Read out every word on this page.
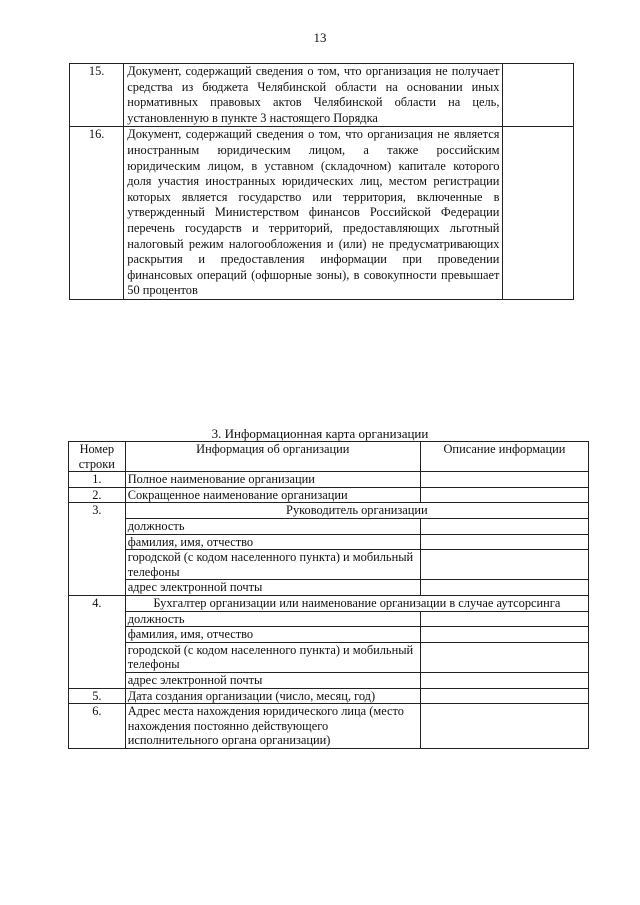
13
15.	Документ, содержащий сведения о том, что организация не получает средства из бюджета Челябинской области на основании иных нормативных правовых актов Челябинской области на цель, установленную в пункте 3 настоящего Порядка	
16.	Документ, содержащий сведения о том, что организация не является иностранным юридическим лицом, а также российским юридическим лицом, в уставном (складочном) капитале которого доля участия иностранных юридических лиц, местом регистрации которых является государство или территория, включенные в утвержденный Министерством финансов Российской Федерации перечень государств и территорий, предоставляющих льготный налоговый режим налогообложения и (или) не предусматривающих раскрытия и предоставления информации при проведении финансовых операций (офшорные зоны), в совокупности превышает 50 процентов	
3. Информационная карта организации
Номер строки	Информация об организации	Описание информации
1.	Полное наименование организации	
2.	Сокращенное наименование организации	
3.	Руководитель организации	
	должность	
	фамилия, имя, отчество	
	городской (с кодом населенного пункта) и мобильный телефоны	
	адрес электронной почты	
4.	Бухгалтер организации или наименование организации в случае аутсорсинга	
	должность	
	фамилия, имя, отчество	
	городской (с кодом населенного пункта) и мобильный телефоны	
	адрес электронной почты	
5.	Дата создания организации (число, месяц, год)	
6.	Адрес места нахождения юридического лица (место нахождения постоянно действующего исполнительного органа организации)	
